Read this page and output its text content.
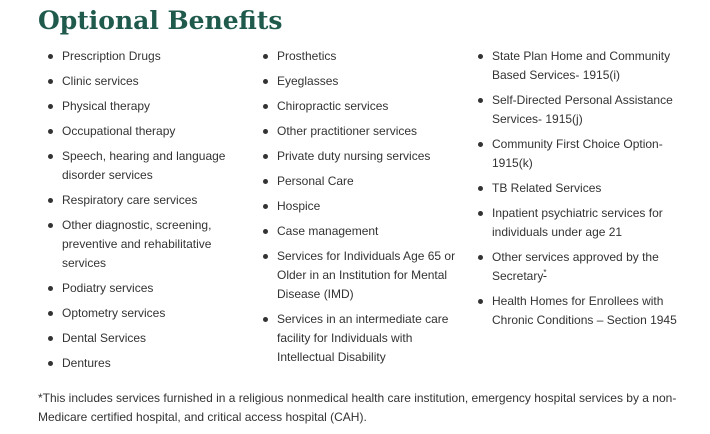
Optional Benefits
Prescription Drugs
Clinic services
Physical therapy
Occupational therapy
Speech, hearing and language disorder services
Respiratory care services
Other diagnostic, screening, preventive and rehabilitative services
Podiatry services
Optometry services
Dental Services
Dentures
Prosthetics
Eyeglasses
Chiropractic services
Other practitioner services
Private duty nursing services
Personal Care
Hospice
Case management
Services for Individuals Age 65 or Older in an Institution for Mental Disease (IMD)
Services in an intermediate care facility for Individuals with Intellectual Disability
State Plan Home and Community Based Services- 1915(i)
Self-Directed Personal Assistance Services- 1915(j)
Community First Choice Option- 1915(k)
TB Related Services
Inpatient psychiatric services for individuals under age 21
Other services approved by the Secretary*
Health Homes for Enrollees with Chronic Conditions – Section 1945

*This includes services furnished in a religious nonmedical health care institution, emergency hospital services by a non-Medicare certified hospital, and critical access hospital (CAH).
